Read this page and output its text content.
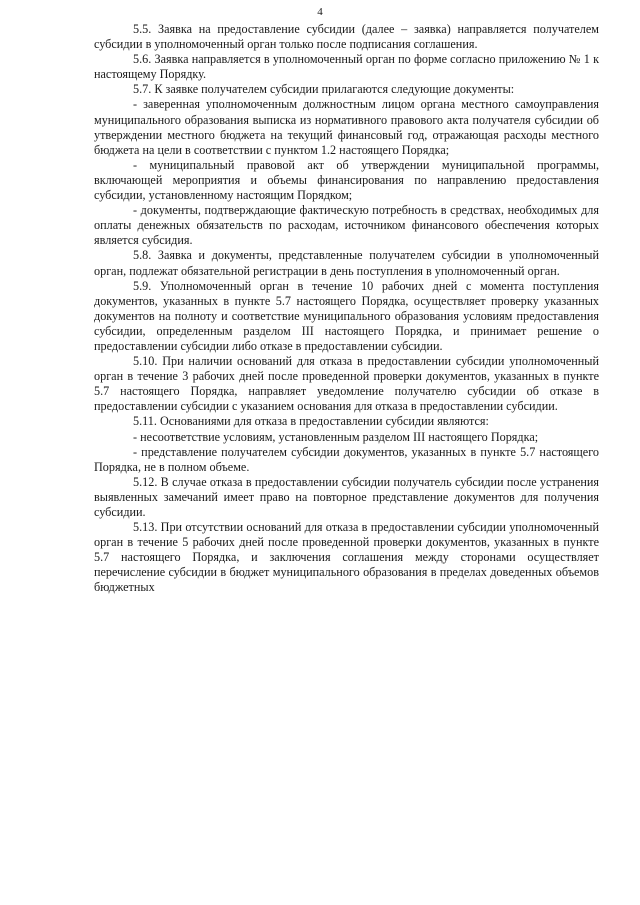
4

5.5. Заявка на предоставление субсидии (далее – заявка) направляется получателем субсидии в уполномоченный орган только после подписания соглашения.

5.6. Заявка направляется в уполномоченный орган по форме согласно приложению № 1 к настоящему Порядку.

5.7. К заявке получателем субсидии прилагаются следующие документы:

- заверенная уполномоченным должностным лицом органа местного самоуправления муниципального образования выписка из нормативного правового акта получателя субсидии об утверждении местного бюджета на текущий финансовый год, отражающая расходы местного бюджета на цели в соответствии с пунктом 1.2 настоящего Порядка;

- муниципальный правовой акт об утверждении муниципальной программы, включающей мероприятия и объемы финансирования по направлению предоставления субсидии, установленному настоящим Порядком;

- документы, подтверждающие фактическую потребность в средствах, необходимых для оплаты денежных обязательств по расходам, источником финансового обеспечения которых является субсидия.

5.8. Заявка и документы, представленные получателем субсидии в уполномоченный орган, подлежат обязательной регистрации в день поступления в уполномоченный орган.

5.9. Уполномоченный орган в течение 10 рабочих дней с момента поступления документов, указанных в пункте 5.7 настоящего Порядка, осуществляет проверку указанных документов на полноту и соответствие муниципального образования условиям предоставления субсидии, определенным разделом III настоящего Порядка, и принимает решение о предоставлении субсидии либо отказе в предоставлении субсидии.

5.10. При наличии оснований для отказа в предоставлении субсидии уполномоченный орган в течение 3 рабочих дней после проведенной проверки документов, указанных в пункте 5.7 настоящего Порядка, направляет уведомление получателю субсидии об отказе в предоставлении субсидии с указанием основания для отказа в предоставлении субсидии.

5.11. Основаниями для отказа в предоставлении субсидии являются:

- несоответствие условиям, установленным разделом III настоящего Порядка;

- представление получателем субсидии документов, указанных в пункте 5.7 настоящего Порядка, не в полном объеме.

5.12. В случае отказа в предоставлении субсидии получатель субсидии после устранения выявленных замечаний имеет право на повторное представление документов для получения субсидии.

5.13. При отсутствии оснований для отказа в предоставлении субсидии уполномоченный орган в течение 5 рабочих дней после проведенной проверки документов, указанных в пункте 5.7 настоящего Порядка, и заключения соглашения между сторонами осуществляет перечисление субсидии в бюджет муниципального образования в пределах доведенных объемов бюджетных
